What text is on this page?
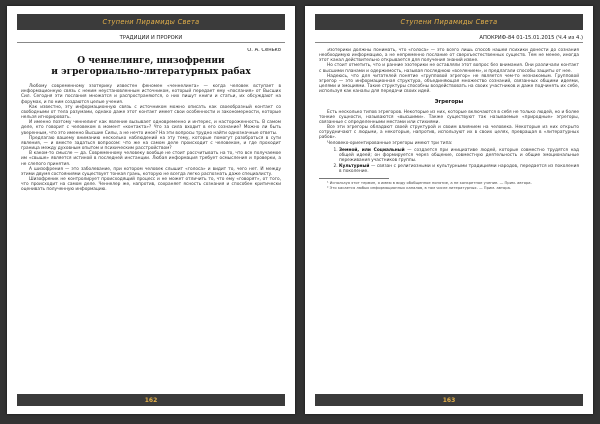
Ступени Пирамиды Света
ТРАДИЦИИ И ПРОРОКИ
О. А. Сенько
О ченнелинге, шизофрении
и эгрегориально-литературных рабах

Любому современному эзотерику известен феномен «ченнелинга» — когда человек вступает в информационную связь с неким неустановленным источником, который передает ему «послания» от Высших Сил. Сегодня эти послания множатся и распространяются, о них пишут книги и статьи, их обсуждают на форумах, и по ним создаются целые учения.

Как известно, эту информационную связь с источником можно описать как своеобразный контакт со свободными от тела разумами, однако даже этот контакт имеет свои особенности и закономерности, которые нельзя игнорировать.

И именно поэтому ченнелинг как явление вызывает одновременно и интерес, и настороженность. В самом деле, кто говорит с человеком в момент «контакта»? Что за сила входит в его сознание? Можно ли быть уверенным, что это именно Высшие Силы, а не нечто иное? На эти вопросы трудно найти однозначные ответы.

Предлагаю вашему вниманию несколько наблюдений на эту тему, которые помогут разобраться в сути явления, — и вместе задаться вопросом: что же на самом деле происходит с человеком, и где проходит граница между духовным опытом и психическим расстройством?

В каком-то смысле — да. Современному человеку вообще не стоит рассчитывать на то, что все получаемое им «свыше» является истиной в последней инстанции. Любая информация требует осмысления и проверки, а не слепого принятия.

А шизофрения — это заболевание, при котором человек слышит «голоса» и видит то, чего нет. И между этими двумя состояниями существует тонкая грань, которую не всегда легко распознать даже специалисту.

Шизофреник не контролирует происходящий процесс и не может отличить то, что ему «говорят», от того, что происходит на самом деле. Ченнелер же, напротив, сохраняет ясность сознания и способен критически оценивать полученную информацию.

162
Ступени Пирамиды Света
АПОКРИФ-84 01-15.01.2015 (Ч.4 из 4.)

Эзотерики должны понимать, что «голоса» — это всего лишь способ нашей психики донести до сознания необходимую информацию, а не непременно послание от сверхъестественных существ. Тем не менее, иногда этот канал действительно открывается для получения знаний извне.

Но стоит отметить, что и ранние эзотерики не оставляли этот вопрос без внимания. Они различали контакт с высшими планами и одержимость, называя последнюю «вселением», и предлагали способы защиты от нее.

Надеюсь, что для читателей понятие «групповой эгрегор» не является чем-то незнакомым. Групповой эгрегор — это информационная структура, объединяющая множество сознаний, связанных общими идеями, целями и эмоциями. Такие структуры способны воздействовать на своих участников и даже подчинять их себе, используя как каналы для передачи своих идей.

Эгрегоры

Есть несколько типов эгрегоров. Некоторые из них, которые включаются в себя не только людей, но и более тонкие сущности, называются «высшими». Также существуют так называемые «природные» эгрегоры, связанные с определенными местами или стихиями.

Все эти эгрегоры обладают своей структурой и своим влиянием на человека. Некоторые из них открыто сотрудничают с людьми, а некоторые, напротив, используют их в своих целях, превращая в «литературных рабов».

Человеко-ориентированные эгрегоры имеют три типа:

1. Земной, или Социальный — создается при инициативе людей, которые совместно трудятся над общей идеей; он формируется через общение, совместную деятельность и общие эмоциональные переживания участников группы.
2. Культурный — связан с религиозными и культурными традициями народов, передается из поколения в поколение.

¹ Используя этот термин, я имею в виду обобщенное понятие, а не конкретное учение. — Прим. автора.

² Это касается любых информационных каналов, в том числе литературных. — Прим. автора.

163
